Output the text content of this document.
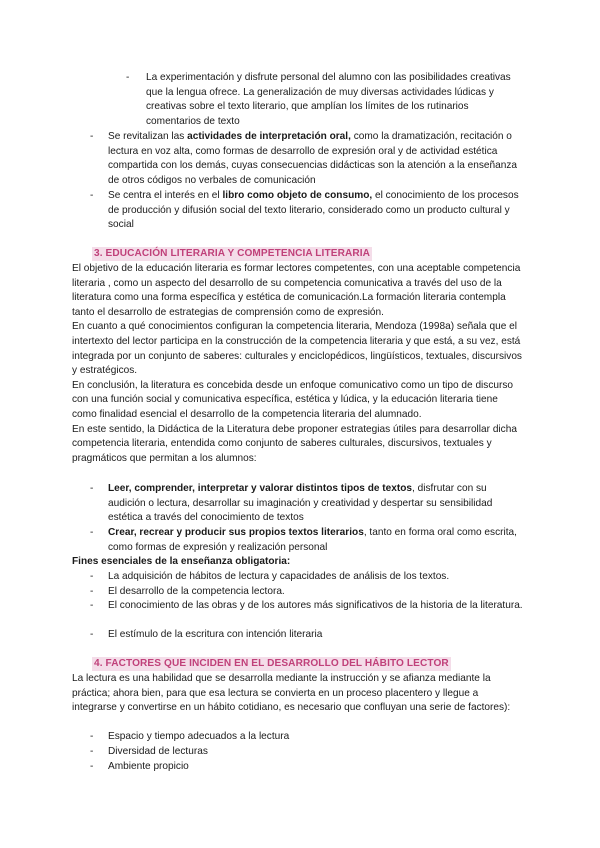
- La experimentación y disfrute personal del alumno con las posibilidades creativas que la lengua ofrece. La generalización de muy diversas actividades lúdicas y creativas sobre el texto literario, que amplían los límites de los rutinarios comentarios de texto
- Se revitalizan las actividades de interpretación oral, como la dramatización, recitación o lectura en voz alta, como formas de desarrollo de expresión oral y de actividad estética compartida con los demás, cuyas consecuencias didácticas son la atención a la enseñanza de otros códigos no verbales de comunicación
- Se centra el interés en el libro como objeto de consumo, el conocimiento de los procesos de producción y difusión social del texto literario, considerado como un producto cultural y social
3. EDUCACIÓN LITERARIA Y COMPETENCIA LITERARIA

El objetivo de la educación literaria es formar lectores competentes, con una aceptable competencia literaria , como un aspecto del desarrollo de su competencia comunicativa a través del uso de la literatura como una forma específica y estética de comunicación.La formación literaria contempla tanto el desarrollo de estrategias de comprensión como de expresión.

En cuanto a qué conocimientos configuran la competencia literaria, Mendoza (1998a) señala que el intertexto del lector participa en la construcción de la competencia literaria y que está, a su vez, está integrada por un conjunto de saberes: culturales y enciclopédicos, lingüísticos, textuales, discursivos y estratégicos.

En conclusión, la literatura es concebida desde un enfoque comunicativo como un tipo de discurso con una función social y comunicativa específica, estética y lúdica, y la educación literaria tiene como finalidad esencial el desarrollo de la competencia literaria del alumnado.

En este sentido, la Didáctica de la Literatura debe proponer estrategias útiles para desarrollar dicha competencia literaria, entendida como conjunto de saberes culturales, discursivos, textuales y pragmáticos que permitan a los alumnos:

- Leer, comprender, interpretar y valorar distintos tipos de textos, disfrutar con su audición o lectura, desarrollar su imaginación y creatividad y despertar su sensibilidad estética a través del conocimiento de textos
- Crear, recrear y producir sus propios textos literarios, tanto en forma oral como escrita, como formas de expresión y realización personal
Fines esenciales de la enseñanza obligatoria:
- La adquisición de hábitos de lectura y capacidades de análisis de los textos.
- El desarrollo de la competencia lectora.
- El conocimiento de las obras y de los autores más significativos de la historia de la literatura.
- El estímulo de la escritura con intención literaria
4. FACTORES QUE INCIDEN EN EL DESARROLLO DEL HÁBITO LECTOR

La lectura es una habilidad que se desarrolla mediante la instrucción y se afianza mediante la práctica; ahora bien, para que esa lectura se convierta en un proceso placentero y llegue a integrarse y convertirse en un hábito cotidiano, es necesario que confluyan una serie de factores):

- Espacio y tiempo adecuados a la lectura
- Diversidad de lecturas
- Ambiente propicio
